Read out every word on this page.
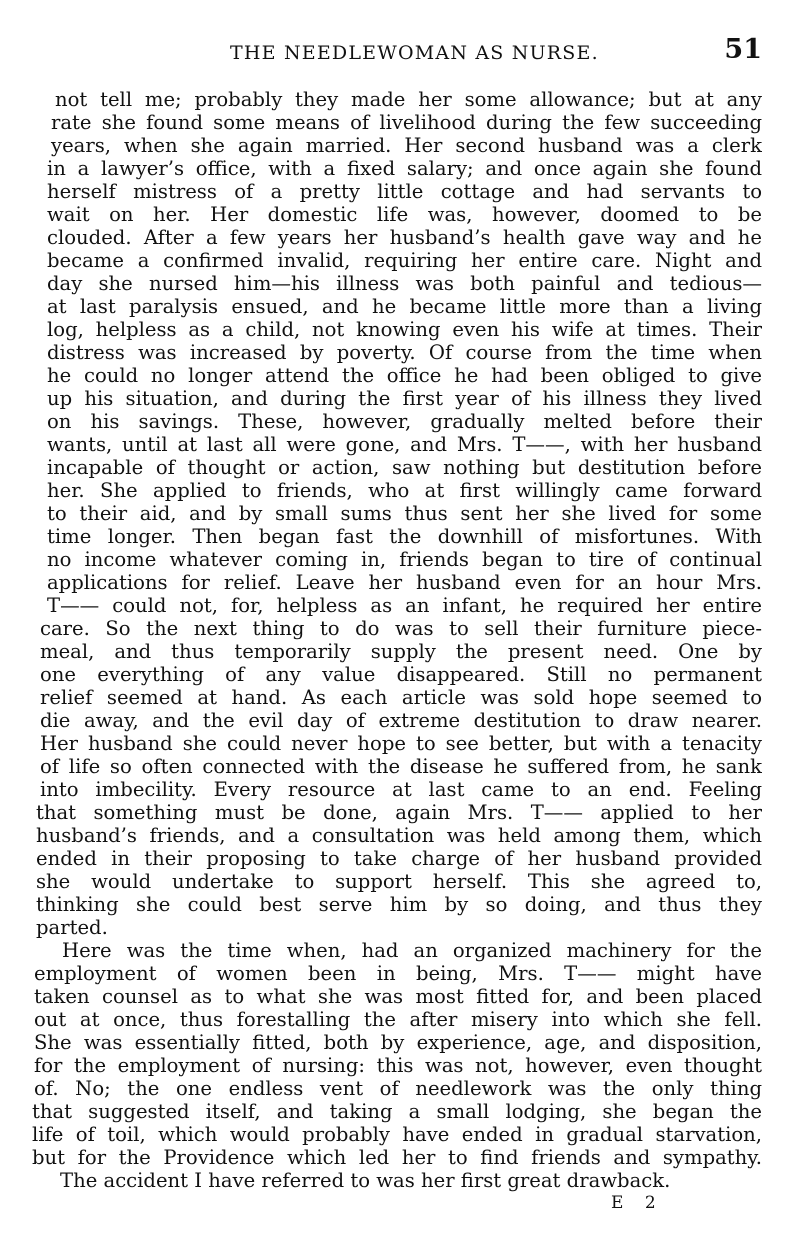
THE NEEDLEWOMAN AS NURSE.	51
not tell me; probably they made her some allowance; but at any
rate she found some means of livelihood during the few succeeding
years, when she again married. Her second husband was a clerk
in a lawyer’s office, with a fixed salary; and once again she found
herself mistress of a pretty little cottage and had servants to
wait on her. Her domestic life was, however, doomed to be
clouded. After a few years her husband’s health gave way and he
became a confirmed invalid, requiring her entire care. Night and
day she nursed him—his illness was both painful and tedious—
at last paralysis ensued, and he became little more than a living
log, helpless as a child, not knowing even his wife at times. Their
distress was increased by poverty. Of course from the time when
he could no longer attend the office he had been obliged to give
up his situation, and during the first year of his illness they lived
on his savings. These, however, gradually melted before their
wants, until at last all were gone, and Mrs. T——, with her husband
incapable of thought or action, saw nothing but destitution before
her. She applied to friends, who at first willingly came forward
to their aid, and by small sums thus sent her she lived for some
time longer. Then began fast the downhill of misfortunes. With
no income whatever coming in, friends began to tire of continual
applications for relief. Leave her husband even for an hour Mrs.
T—— could not, for, helpless as an infant, he required her entire
care. So the next thing to do was to sell their furniture piece-
meal, and thus temporarily supply the present need. One by
one everything of any value disappeared. Still no permanent
relief seemed at hand. As each article was sold hope seemed to
die away, and the evil day of extreme destitution to draw nearer.
Her husband she could never hope to see better, but with a tenacity
of life so often connected with the disease he suffered from, he sank
into imbecility. Every resource at last came to an end. Feeling
that something must be done, again Mrs. T—— applied to her
husband’s friends, and a consultation was held among them, which
ended in their proposing to take charge of her husband provided
she would undertake to support herself. This she agreed to,
thinking she could best serve him by so doing, and thus they
parted.
Here was the time when, had an organized machinery for the
employment of women been in being, Mrs. T—— might have
taken counsel as to what she was most fitted for, and been placed
out at once, thus forestalling the after misery into which she fell.
She was essentially fitted, both by experience, age, and disposition,
for the employment of nursing: this was not, however, even thought
of. No; the one endless vent of needlework was the only thing
that suggested itself, and taking a small lodging, she began the
life of toil, which would probably have ended in gradual starvation,
but for the Providence which led her to find friends and sympathy.
The accident I have referred to was her first great drawback.
E 2
